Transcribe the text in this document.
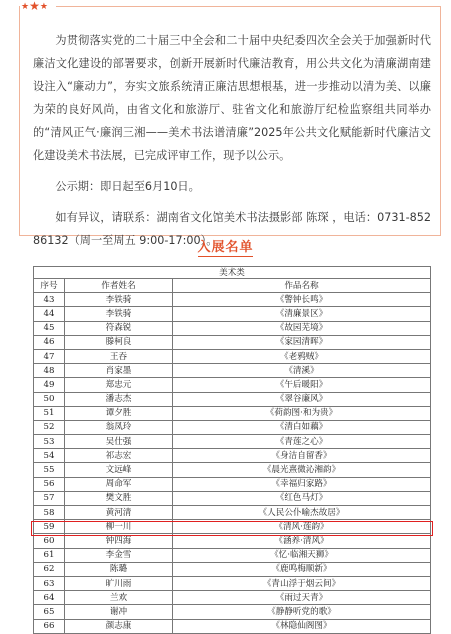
★ ★ ★

为贯彻落实党的二十届三中全会和二十届中央纪委四次全会关于加强新时代廉洁文化建设的部署要求，创新开展新时代廉洁教育，用公共文化为清廉湖南建设注入“廉动力”，夯实文旅系统清正廉洁思想根基，进一步推动以清为美、以廉为荣的良好风尚，由省文化和旅游厅、驻省文化和旅游厅纪检监察组共同举办的“清风正气·廉润三湘——美术书法谱清廉”2025年公共文化赋能新时代廉洁文化建设美术书法展，已完成评审工作，现予以公示。

公示期：即日起至6月10日。

如有异议，请联系：湖南省文化馆美术书法摄影部 陈琛 ，电话：0731-85286132（周一至周五 9:00-17:00）。

入展名单
美术类		
序号	作者姓名	作品名称
43	李铁骑	《警钟长鸣》
44	李铁骑	《清廉景区》
45	符森锐	《故园芜境》
46	滕柯良	《家园清晖》
47	王吞	《老鸦贼》
48	肖家墨	《清溪》
49	郑忠元	《午后暖阳》
50	潘志杰	《翠谷廉风》
51	谭夕胜	《荷韵图·和为贵》
52	翁凤玲	《清白如藕》
53	吴仕强	《青莲之心》
54	祁志宏	《身洁自留香》
55	文远峰	《晨光熹微沁湘韵》
56	周命军	《幸福归家路》
57	樊文胜	《红色马灯》
58	黄河清	《人民公仆喻杰故居》
59	柳一川	《清风·莲韵》
60	钟四海	《涵养·清风》
61	李金雪	《忆·临湘天狮》
62	陈璐	《鹿鸣梅顺新》
63	旷川雨	《青山浮于烟云间》
64	兰欢	《雨过天青》
65	谢冲	《静静听党的歌》
66	颜志康	《林隐仙阁图》
